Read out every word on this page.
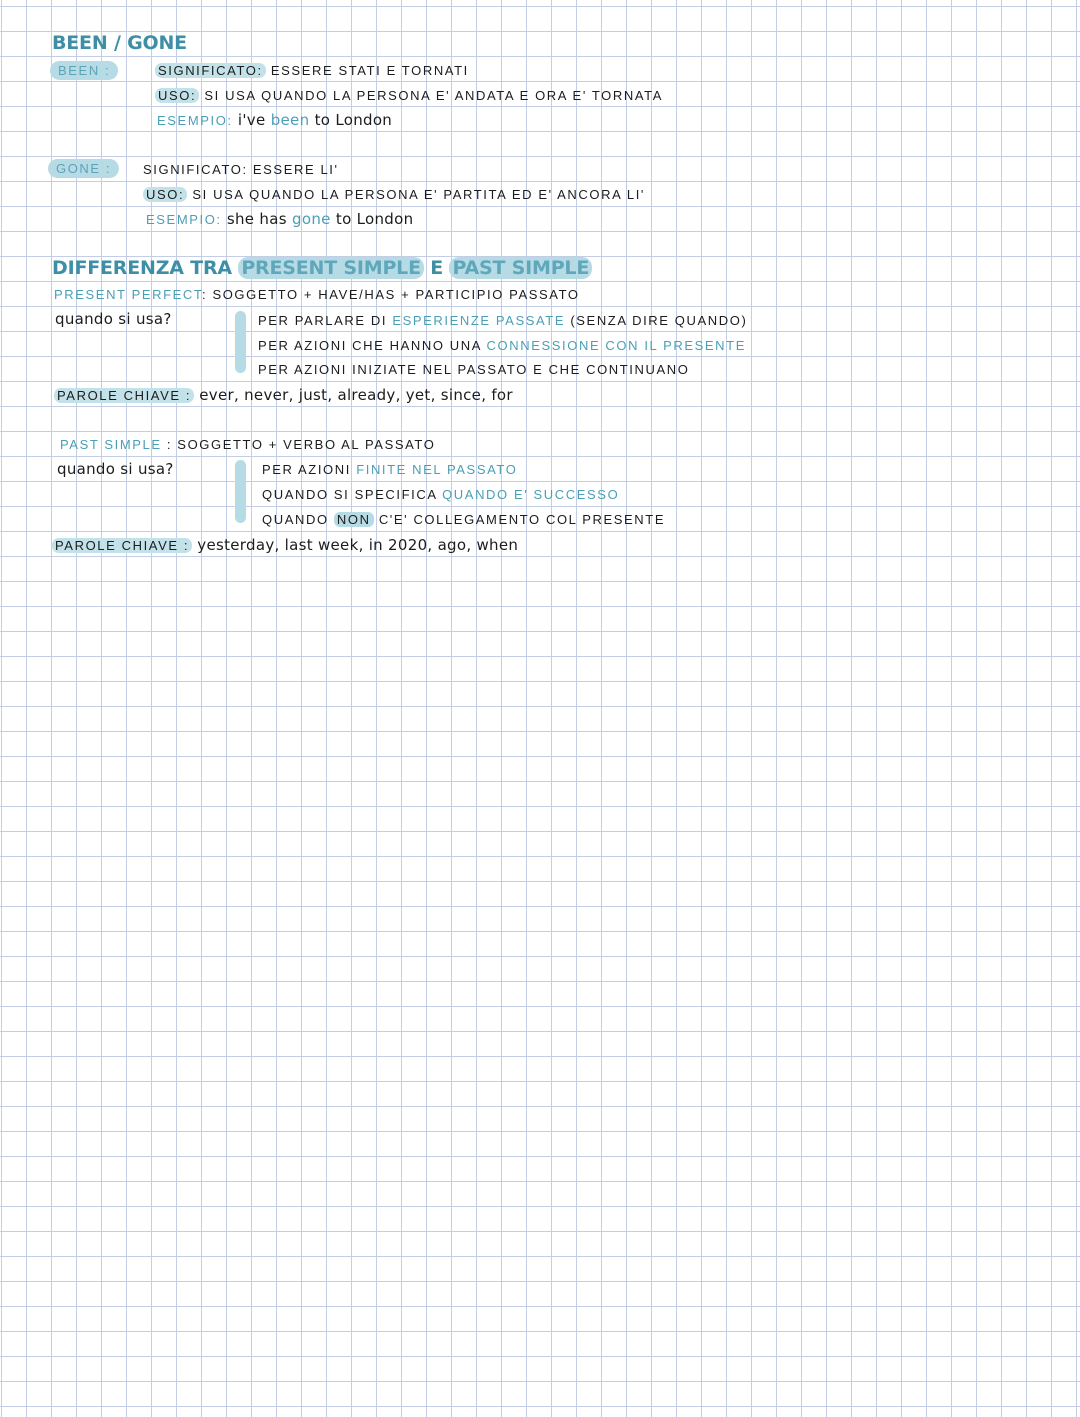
BEEN / GONE
BEEN :	SIGNIFICATO: ESSERE STATI E TORNATI
USO: SI USA QUANDO LA PERSONA E' ANDATA E ORA E' TORNATA
ESEMPIO: i've been to London
GONE :	SIGNIFICATO: ESSERE LI'
USO: SI USA QUANDO LA PERSONA E' PARTITA ED E' ANCORA LI'
ESEMPIO: she has gone to London
DIFFERENZA TRA PRESENT SIMPLE E PAST SIMPLE
PRESENT PERFECT: SOGGETTO + HAVE/HAS + PARTICIPIO PASSATO
quando si usa?	PER PARLARE DI ESPERIENZE PASSATE (SENZA DIRE QUANDO)
PER AZIONI CHE HANNO UNA CONNESSIONE CON IL PRESENTE
PER AZIONI INIZIATE NEL PASSATO E CHE CONTINUANO
PAROLE CHIAVE : ever, never, just, already, yet, since, for
PAST SIMPLE : SOGGETTO + VERBO AL PASSATO
quando si usa?	PER AZIONI FINITE NEL PASSATO
QUANDO SI SPECIFICA QUANDO E' SUCCESSO
QUANDO NON C'E' COLLEGAMENTO COL PRESENTE
PAROLE CHIAVE : yesterday, last week, in 2020, ago, when
